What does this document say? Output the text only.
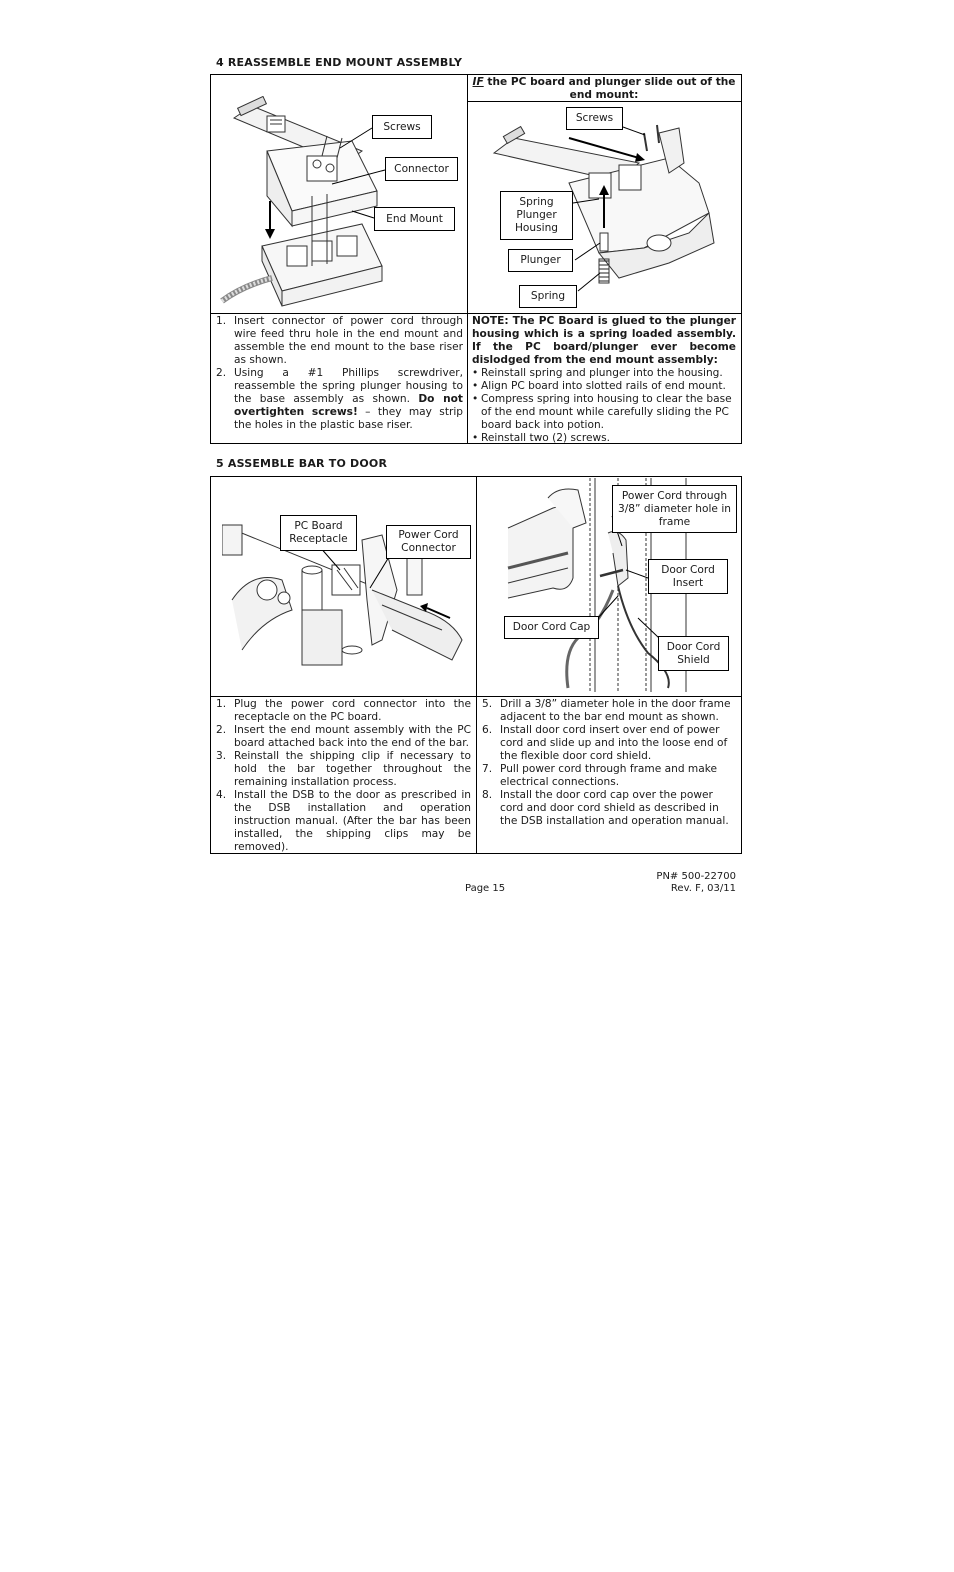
4 REASSEMBLE END MOUNT ASSEMBLY
IF the PC board and plunger slide out of the end mount:
Screws
Connector
End Mount
Screws
Spring Plunger Housing
Plunger
Spring
1. Insert connector of power cord through wire feed thru hole in the end mount and assemble the end mount to the base riser as shown.
2. Using a #1 Phillips screwdriver, reassemble the spring plunger housing to the base assembly as shown. Do not overtighten screws! – they may strip the holes in the plastic base riser.
NOTE: The PC Board is glued to the plunger housing which is a spring loaded assembly. If the PC board/plunger ever become dislodged from the end mount assembly:
• Reinstall spring and plunger into the housing.
• Align PC board into slotted rails of end mount.
• Compress spring into housing to clear the base of the end mount while carefully sliding the PC board back into potion.
• Reinstall two (2) screws.
5 ASSEMBLE BAR TO DOOR
PC Board Receptacle	Power Cord Connector
Power Cord through 3/8” diameter hole in frame
Door Cord Insert
Door Cord Cap
Door Cord Shield
1. Plug the power cord connector into the receptacle on the PC board.
2. Insert the end mount assembly with the PC board attached back into the end of the bar.
3. Reinstall the shipping clip if necessary to hold the bar together throughout the remaining installation process.
4. Install the DSB to the door as prescribed in the DSB installation and operation instruction manual. (After the bar has been installed, the shipping clips may be removed).
5. Drill a 3/8” diameter hole in the door frame adjacent to the bar end mount as shown.
6. Install door cord insert over end of power cord and slide up and into the loose end of the flexible door cord shield.
7. Pull power cord through frame and make electrical connections.
8. Install the door cord cap over the power cord and door cord shield as described in the DSB installation and operation manual.
Page 15
PN# 500-22700
Rev. F, 03/11
